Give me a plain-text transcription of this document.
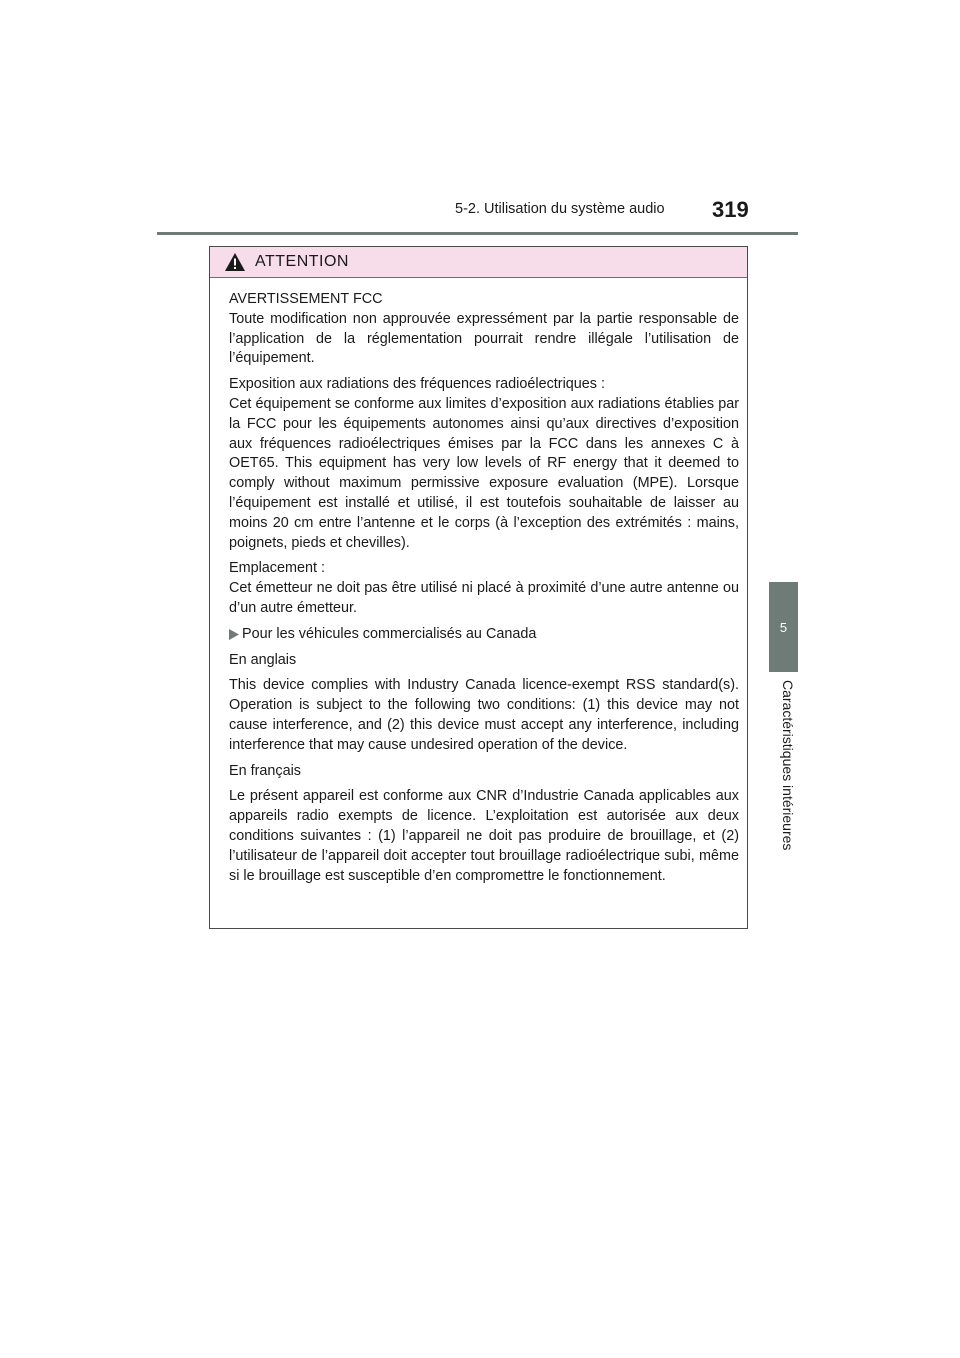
5-2. Utilisation du système audio 319
5
Caractéristiques intérieures
ATTENTION

AVERTISSEMENT FCC
Toute modification non approuvée expressément par la partie responsable de l’application de la réglementation pourrait rendre illégale l’utilisation de l’équipement.

Exposition aux radiations des fréquences radioélectriques :
Cet équipement se conforme aux limites d’exposition aux radiations établies par la FCC pour les équipements autonomes ainsi qu’aux directives d’exposition aux fréquences radioélectriques émises par la FCC dans les annexes C à OET65. This equipment has very low levels of RF energy that it deemed to comply without maximum permissive exposure evaluation (MPE). Lorsque l’équipement est installé et utilisé, il est toutefois souhaitable de laisser au moins 20 cm entre l’antenne et le corps (à l’exception des extrémités : mains, poignets, pieds et chevilles).

Emplacement :
Cet émetteur ne doit pas être utilisé ni placé à proximité d’une autre antenne ou d’un autre émetteur.

Pour les véhicules commercialisés au Canada

En anglais

This device complies with Industry Canada licence-exempt RSS standard(s). Operation is subject to the following two conditions: (1) this device may not cause interference, and (2) this device must accept any interference, including interference that may cause undesired operation of the device.

En français

Le présent appareil est conforme aux CNR d’Industrie Canada applicables aux appareils radio exempts de licence. L’exploitation est autorisée aux deux conditions suivantes : (1) l’appareil ne doit pas produire de brouillage, et (2) l’utilisateur de l’appareil doit accepter tout brouillage radioélectrique subi, même si le brouillage est susceptible d’en compromettre le fonctionnement.
